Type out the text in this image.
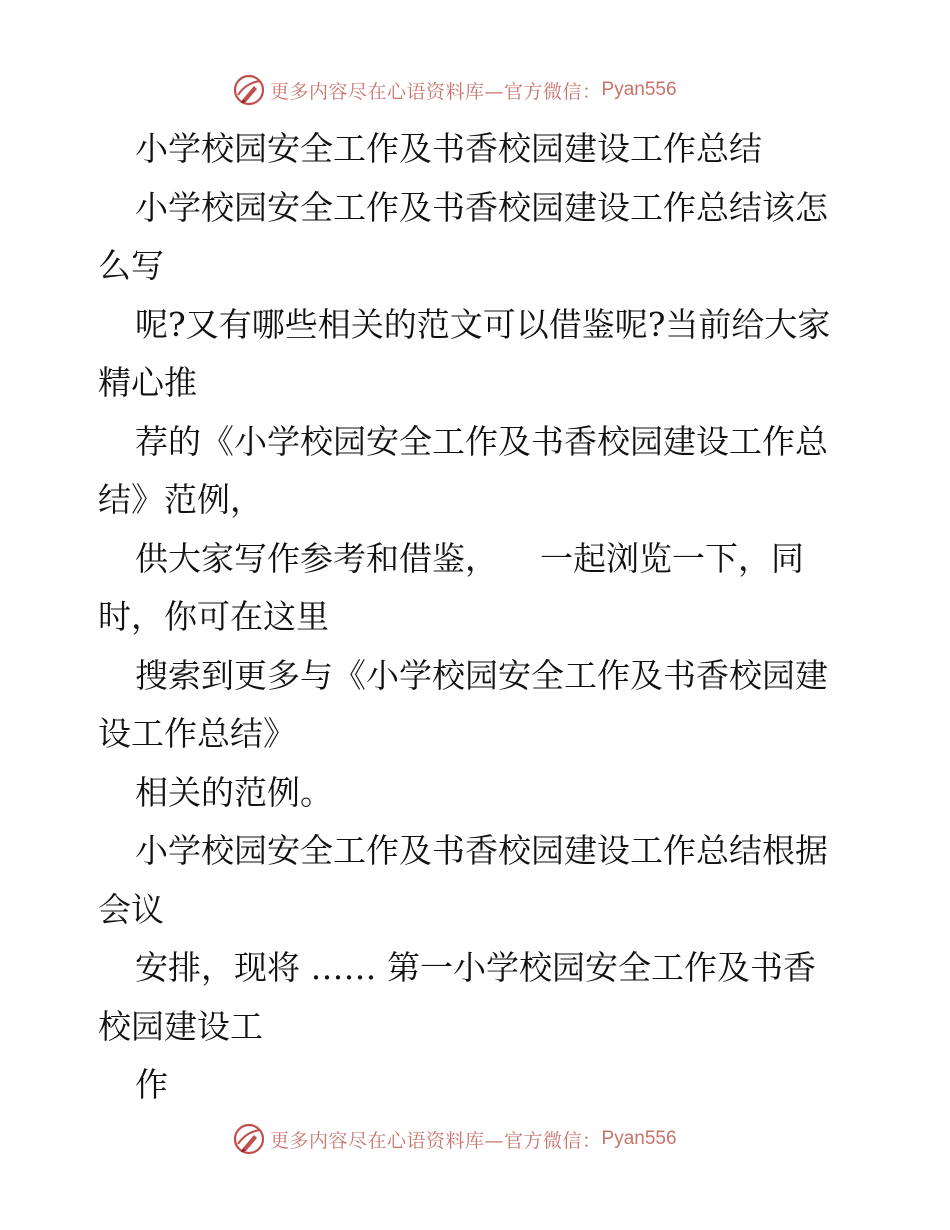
更多内容尽在心语资料库—官方微信： Pyan556
小学校园安全工作及书香校园建设工作总结
小学校园安全工作及书香校园建设工作总结该怎
么写
呢?又有哪些相关的范文可以借鉴呢?当前给大家
精心推
荐的《小学校园安全工作及书香校园建设工作总
结》范例，
供大家写作参考和借鉴，    一起浏览一下，同
时，你可在这里
搜索到更多与《小学校园安全工作及书香校园建
设工作总结》
相关的范例。
小学校园安全工作及书香校园建设工作总结根据
会议
安排，现将 …… 第一小学校园安全工作及书香
校园建设工
作
更多内容尽在心语资料库—官方微信： Pyan556
